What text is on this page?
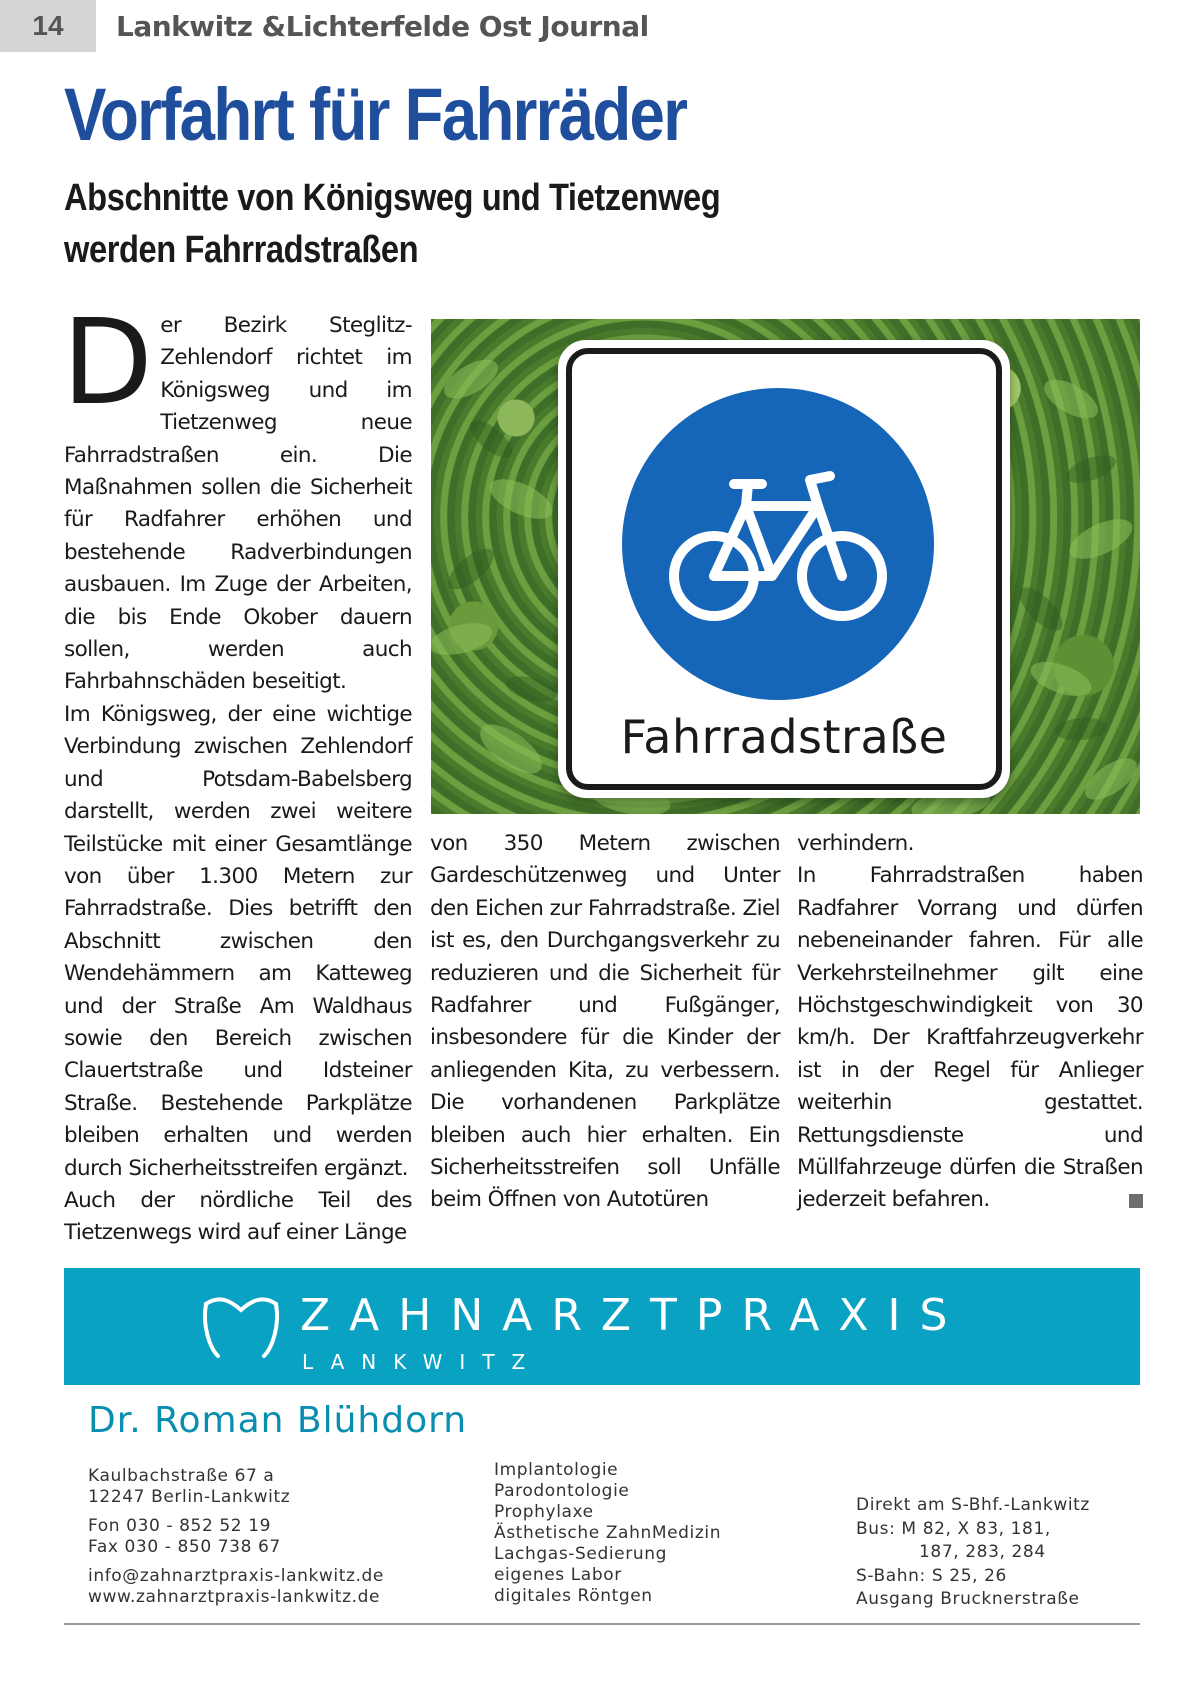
14	Lankwitz &Lichterfelde Ost Journal
Vorfahrt für Fahrräder
Abschnitte von Königsweg und Tietzenweg
werden Fahrradstraßen

Der Bezirk Steglitz-Zehlendorf richtet im Königsweg und im Tietzenweg neue Fahrradstraßen ein. Die Maßnahmen sollen die Sicherheit für Radfahrer erhöhen und bestehende Radverbindungen ausbauen. Im Zuge der Arbeiten, die bis Ende Okober dauern sollen, werden auch Fahrbahnschäden beseitigt.

Im Königsweg, der eine wichtige Verbindung zwischen Zehlendorf und Potsdam-Babelsberg darstellt, werden zwei weitere Teilstücke mit einer Gesamtlänge von über 1.300 Metern zur Fahrradstraße. Dies betrifft den Abschnitt zwischen den Wendehämmern am Katteweg und der Straße Am Waldhaus sowie den Bereich zwischen Clauertstraße und Idsteiner Straße. Bestehende Parkplätze bleiben erhalten und werden durch Sicherheitsstreifen ergänzt.

Auch der nördliche Teil des Tietzenwegs wird auf einer Länge

Fahrradstraße

von 350 Metern zwischen Gardeschützenweg und Unter den Eichen zur Fahrradstraße. Ziel ist es, den Durchgangsverkehr zu reduzieren und die Sicherheit für Radfahrer und Fußgänger, insbesondere für die Kinder der anliegenden Kita, zu verbessern. Die vorhandenen Parkplätze bleiben auch hier erhalten. Ein Sicherheitsstreifen soll Unfälle beim Öffnen von Autotüren

verhindern.

In Fahrradstraßen haben Radfahrer Vorrang und dürfen nebeneinander fahren. Für alle Verkehrsteilnehmer gilt eine Höchstgeschwindigkeit von 30 km/h. Der Kraftfahrzeugverkehr ist in der Regel für Anlieger weiterhin gestattet. Rettungsdienste und Müllfahrzeuge dürfen die Straßen jederzeit befahren.

ZAHNARZTPRAXIS
LANKWITZ
Dr. Roman Blühdorn
Kaulbachstraße 67 a
12247 Berlin-Lankwitz
Fon 030 - 852 52 19
Fax 030 - 850 738 67
info@zahnarztpraxis-lankwitz.de
www.zahnarztpraxis-lankwitz.de
Implantologie
Parodontologie
Prophylaxe
Ästhetische ZahnMedizin
Lachgas-Sedierung
eigenes Labor
digitales Röntgen
Direkt am S-Bhf.-Lankwitz
Bus: M 82, X 83, 181,
187, 283, 284
S-Bahn: S 25, 26
Ausgang Brucknerstraße
